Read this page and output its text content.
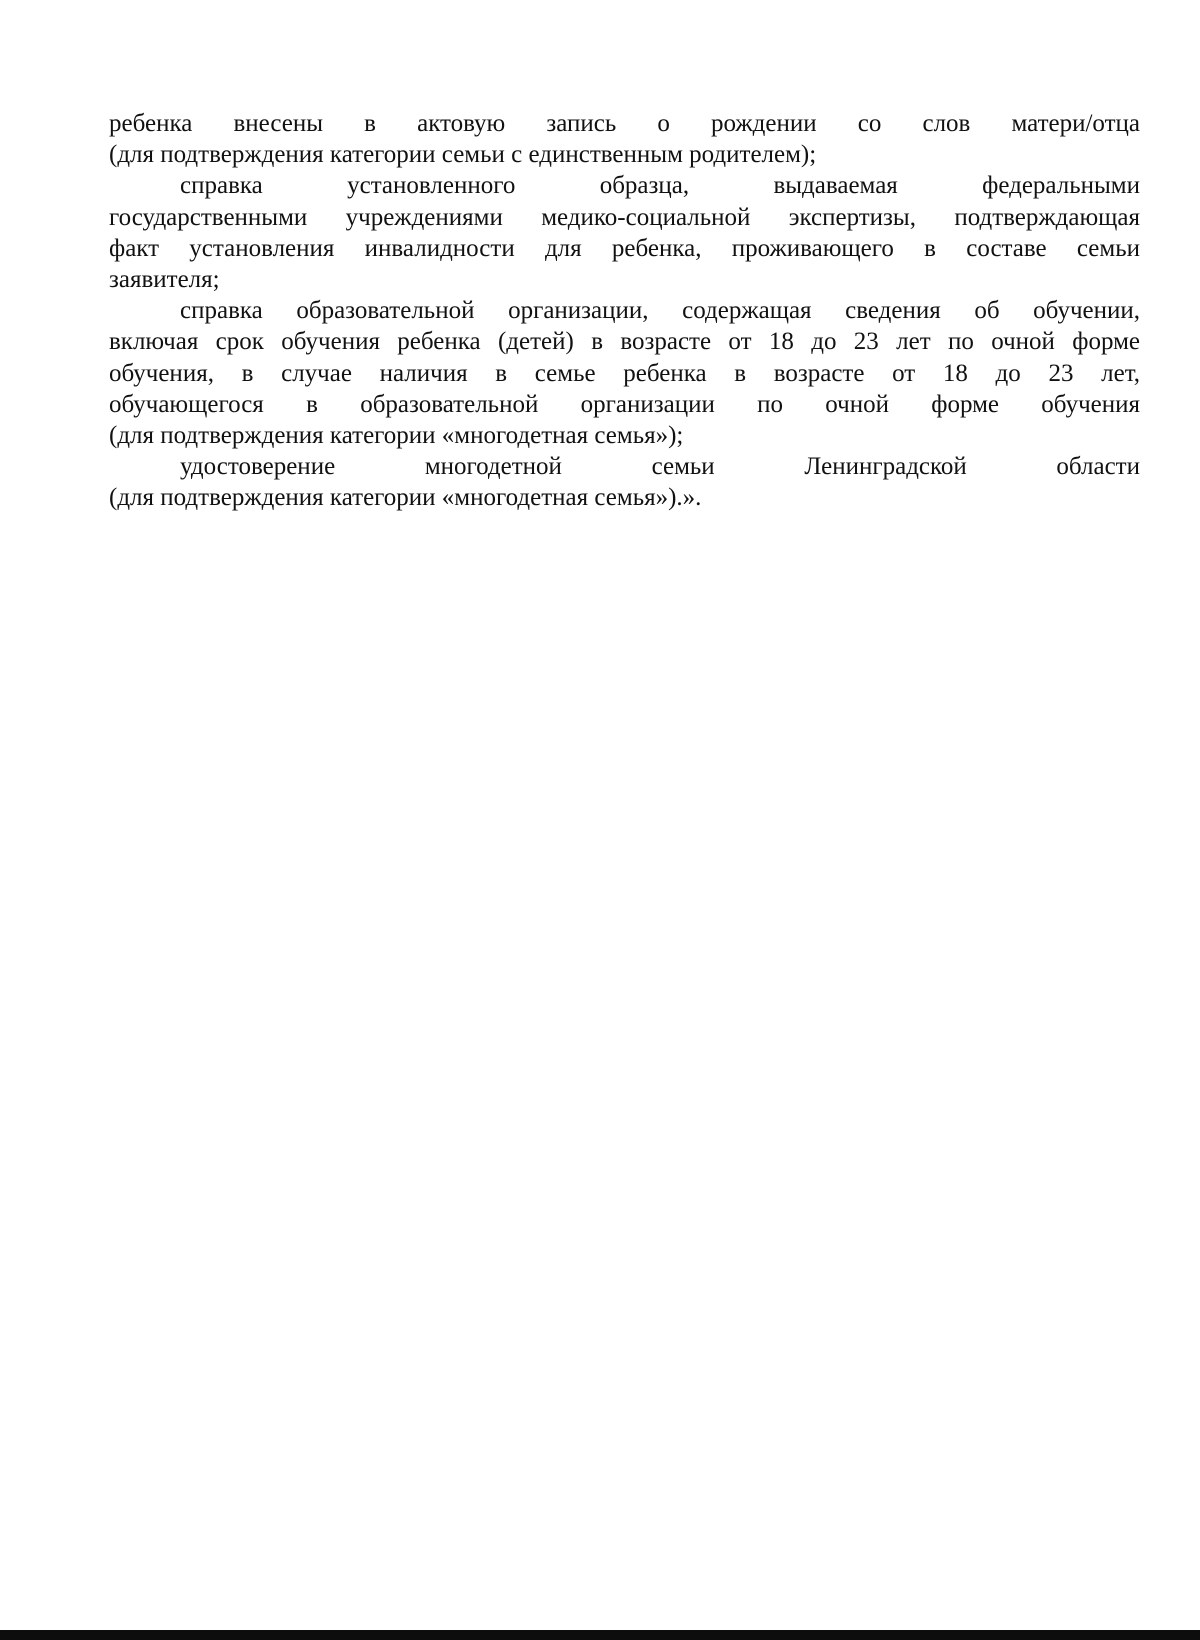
ребенка внесены в актовую запись о рождении со слов матери/отца
(для подтверждения категории семьи с единственным родителем);

справка установленного образца, выдаваемая федеральными
государственными учреждениями медико-социальной экспертизы, подтверждающая
факт установления инвалидности для ребенка, проживающего в составе семьи
заявителя;

справка образовательной организации, содержащая сведения об обучении,
включая срок обучения ребенка (детей) в возрасте от 18 до 23 лет по очной форме
обучения, в случае наличия в семье ребенка в возрасте от 18 до 23 лет,
обучающегося в образовательной организации по очной форме обучения
(для подтверждения категории «многодетная семья»);

удостоверение многодетной семьи Ленинградской области
(для подтверждения категории «многодетная семья»).».
